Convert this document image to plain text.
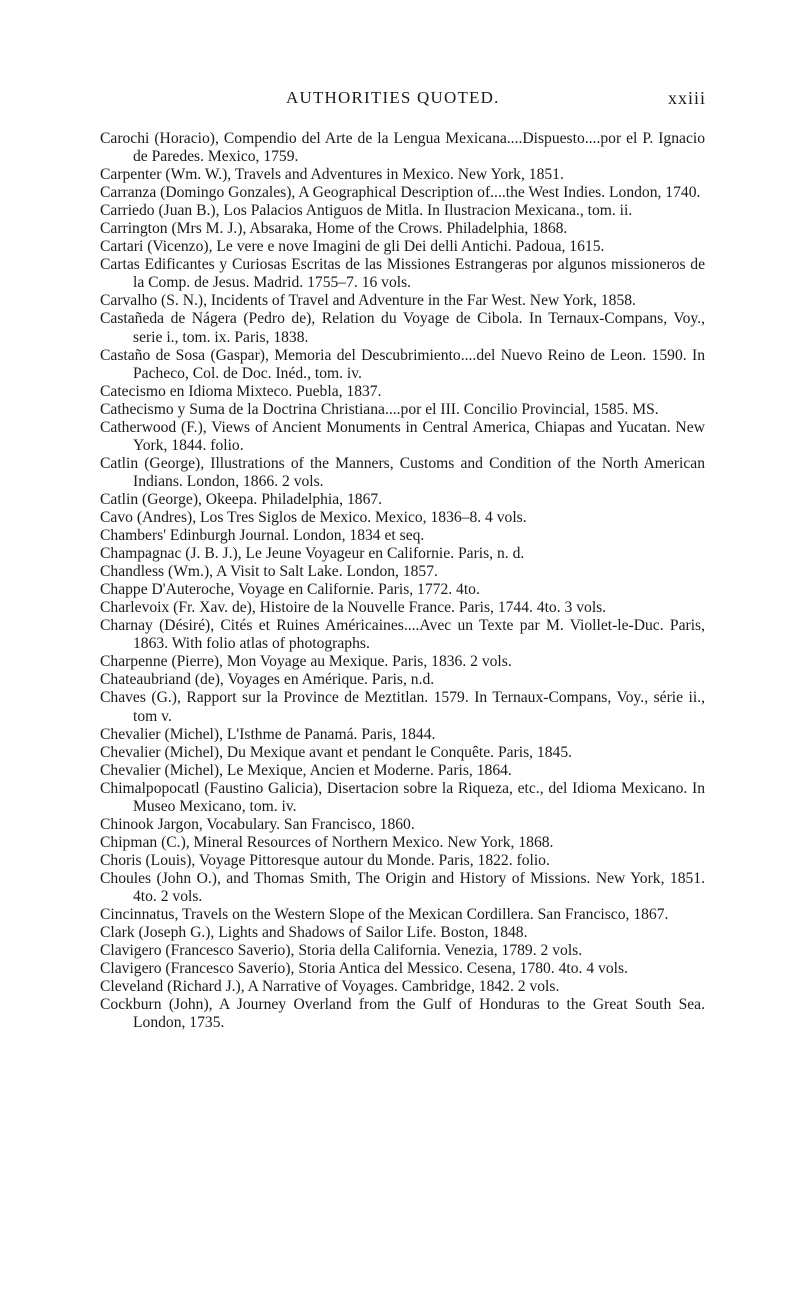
AUTHORITIES QUOTED.	xxiii
Carochi (Horacio), Compendio del Arte de la Lengua Mexicana....Dispuesto....por el P. Ignacio de Paredes. Mexico, 1759.
Carpenter (Wm. W.), Travels and Adventures in Mexico. New York, 1851.
Carranza (Domingo Gonzales), A Geographical Description of....the West Indies. London, 1740.
Carriedo (Juan B.), Los Palacios Antiguos de Mitla. In Ilustracion Mexicana., tom. ii.
Carrington (Mrs M. J.), Absaraka, Home of the Crows. Philadelphia, 1868.
Cartari (Vicenzo), Le vere e nove Imagini de gli Dei delli Antichi. Padoua, 1615.
Cartas Edificantes y Curiosas Escritas de las Missiones Estrangeras por algunos missioneros de la Comp. de Jesus. Madrid. 1755–7. 16 vols.
Carvalho (S. N.), Incidents of Travel and Adventure in the Far West. New York, 1858.
Castañeda de Nágera (Pedro de), Relation du Voyage de Cibola. In Ternaux-Compans, Voy., serie i., tom. ix. Paris, 1838.
Castaño de Sosa (Gaspar), Memoria del Descubrimiento....del Nuevo Reino de Leon. 1590. In Pacheco, Col. de Doc. Inéd., tom. iv.
Catecismo en Idioma Mixteco. Puebla, 1837.
Cathecismo y Suma de la Doctrina Christiana....por el III. Concilio Provincial, 1585. MS.
Catherwood (F.), Views of Ancient Monuments in Central America, Chiapas and Yucatan. New York, 1844. folio.
Catlin (George), Illustrations of the Manners, Customs and Condition of the North American Indians. London, 1866. 2 vols.
Catlin (George), Okeepa. Philadelphia, 1867.
Cavo (Andres), Los Tres Siglos de Mexico. Mexico, 1836–8. 4 vols.
Chambers' Edinburgh Journal. London, 1834 et seq.
Champagnac (J. B. J.), Le Jeune Voyageur en Californie. Paris, n. d.
Chandless (Wm.), A Visit to Salt Lake. London, 1857.
Chappe D'Auteroche, Voyage en Californie. Paris, 1772. 4to.
Charlevoix (Fr. Xav. de), Histoire de la Nouvelle France. Paris, 1744. 4to. 3 vols.
Charnay (Désiré), Cités et Ruines Américaines....Avec un Texte par M. Viollet-le-Duc. Paris, 1863. With folio atlas of photographs.
Charpenne (Pierre), Mon Voyage au Mexique. Paris, 1836. 2 vols.
Chateaubriand (de), Voyages en Amérique. Paris, n.d.
Chaves (G.), Rapport sur la Province de Meztitlan. 1579. In Ternaux-Compans, Voy., série ii., tom v.
Chevalier (Michel), L'Isthme de Panamá. Paris, 1844.
Chevalier (Michel), Du Mexique avant et pendant le Conquête. Paris, 1845.
Chevalier (Michel), Le Mexique, Ancien et Moderne. Paris, 1864.
Chimalpopocatl (Faustino Galicia), Disertacion sobre la Riqueza, etc., del Idioma Mexicano. In Museo Mexicano, tom. iv.
Chinook Jargon, Vocabulary. San Francisco, 1860.
Chipman (C.), Mineral Resources of Northern Mexico. New York, 1868.
Choris (Louis), Voyage Pittoresque autour du Monde. Paris, 1822. folio.
Choules (John O.), and Thomas Smith, The Origin and History of Missions. New York, 1851. 4to. 2 vols.
Cincinnatus, Travels on the Western Slope of the Mexican Cordillera. San Francisco, 1867.
Clark (Joseph G.), Lights and Shadows of Sailor Life. Boston, 1848.
Clavigero (Francesco Saverio), Storia della California. Venezia, 1789. 2 vols.
Clavigero (Francesco Saverio), Storia Antica del Messico. Cesena, 1780. 4to. 4 vols.
Cleveland (Richard J.), A Narrative of Voyages. Cambridge, 1842. 2 vols.
Cockburn (John), A Journey Overland from the Gulf of Honduras to the Great South Sea. London, 1735.
